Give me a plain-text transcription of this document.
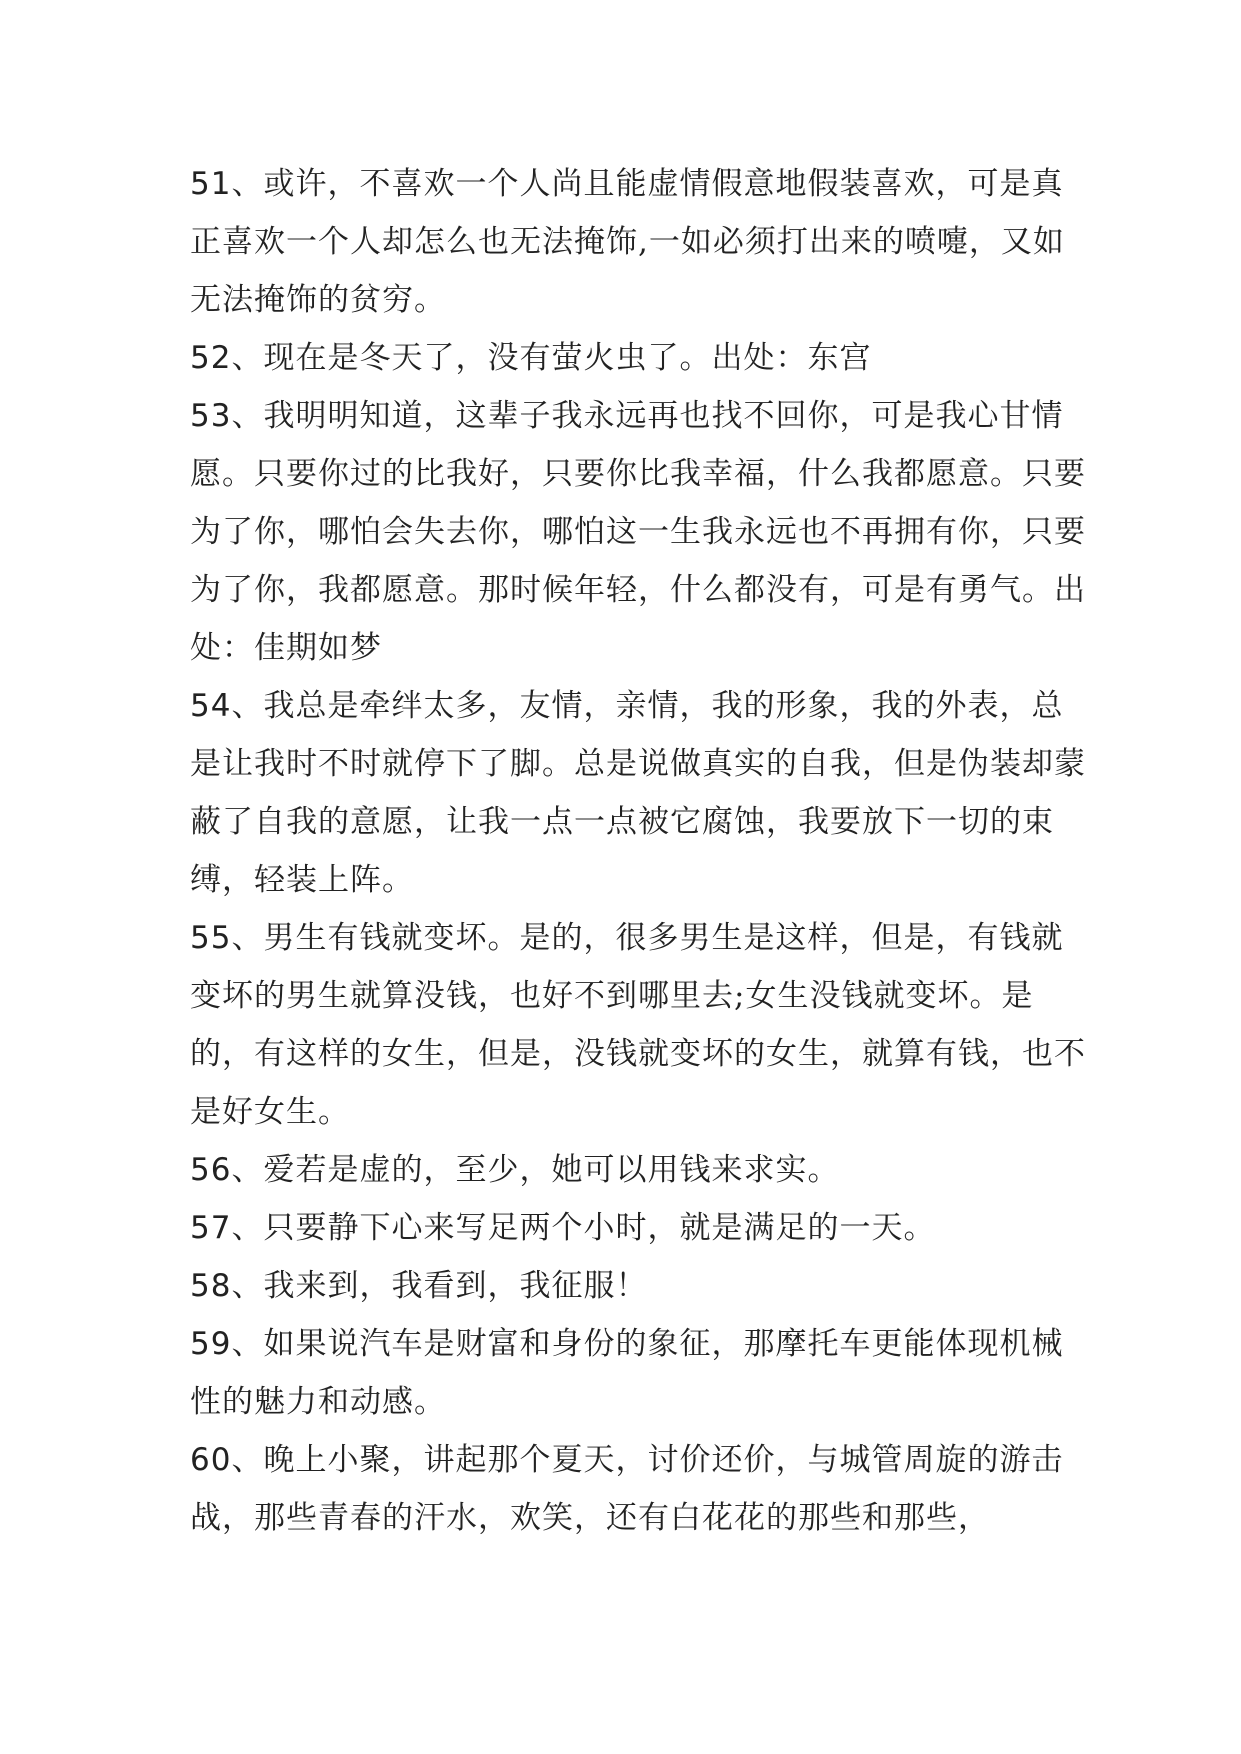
51、或许，不喜欢一个人尚且能虚情假意地假装喜欢，可是真正喜欢一个人却怎么也无法掩饰,一如必须打出来的喷嚏，又如无法掩饰的贫穷。

52、现在是冬天了，没有萤火虫了。出处：东宫

53、我明明知道，这辈子我永远再也找不回你，可是我心甘情愿。只要你过的比我好，只要你比我幸福，什么我都愿意。只要为了你，哪怕会失去你，哪怕这一生我永远也不再拥有你，只要为了你，我都愿意。那时候年轻，什么都没有，可是有勇气。出处：佳期如梦

54、我总是牵绊太多，友情，亲情，我的形象，我的外表，总是让我时不时就停下了脚。总是说做真实的自我，但是伪装却蒙蔽了自我的意愿，让我一点一点被它腐蚀，我要放下一切的束缚，轻装上阵。

55、男生有钱就变坏。是的，很多男生是这样，但是，有钱就变坏的男生就算没钱，也好不到哪里去;女生没钱就变坏。是的，有这样的女生，但是，没钱就变坏的女生，就算有钱，也不是好女生。

56、爱若是虚的，至少，她可以用钱来求实。

57、只要静下心来写足两个小时，就是满足的一天。

58、我来到，我看到，我征服！

59、如果说汽车是财富和身份的象征，那摩托车更能体现机械性的魅力和动感。

60、晚上小聚，讲起那个夏天，讨价还价，与城管周旋的游击战，那些青春的汗水，欢笑，还有白花花的那些和那些，
